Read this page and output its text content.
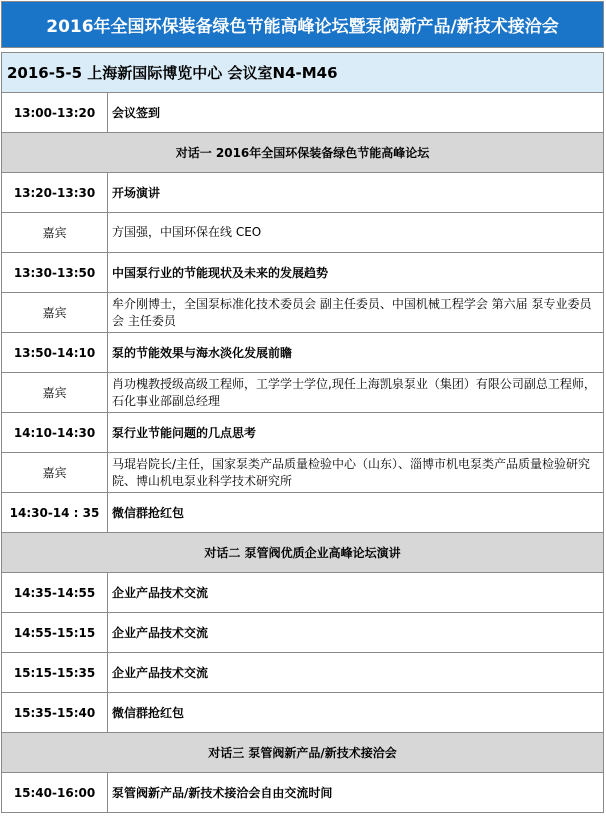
2016年全国环保装备绿色节能高峰论坛暨泵阀新产品/新技术接洽会
2016-5-5 上海新国际博览中心 会议室N4-M46
13:00-13:20	会议签到
对话一 2016年全国环保装备绿色节能高峰论坛	
13:20-13:30	开场演讲
嘉宾	方国强，中国环保在线 CEO
13:30-13:50	中国泵行业的节能现状及未来的发展趋势
嘉宾	牟介刚博士，全国泵标准化技术委员会 副主任委员、中国机械工程学会 第六届 泵专业委员会 主任委员
13:50-14:10	泵的节能效果与海水淡化发展前瞻
嘉宾	肖功槐教授级高级工程师，工学学士学位,现任上海凯泉泵业（集团）有限公司副总工程师，石化事业部副总经理
14:10-14:30	泵行业节能问题的几点思考
嘉宾	马琨岩院长/主任，国家泵类产品质量检验中心（山东）、淄博市机电泵类产品质量检验研究院、博山机电泵业科学技术研究所
14:30-14 : 35	微信群抢红包
对话二 泵管阀优质企业高峰论坛演讲	
14:35-14:55	企业产品技术交流
14:55-15:15	企业产品技术交流
15:15-15:35	企业产品技术交流
15:35-15:40	微信群抢红包
对话三 泵管阀新产品/新技术接洽会	
15:40-16:00	泵管阀新产品/新技术接洽会自由交流时间
